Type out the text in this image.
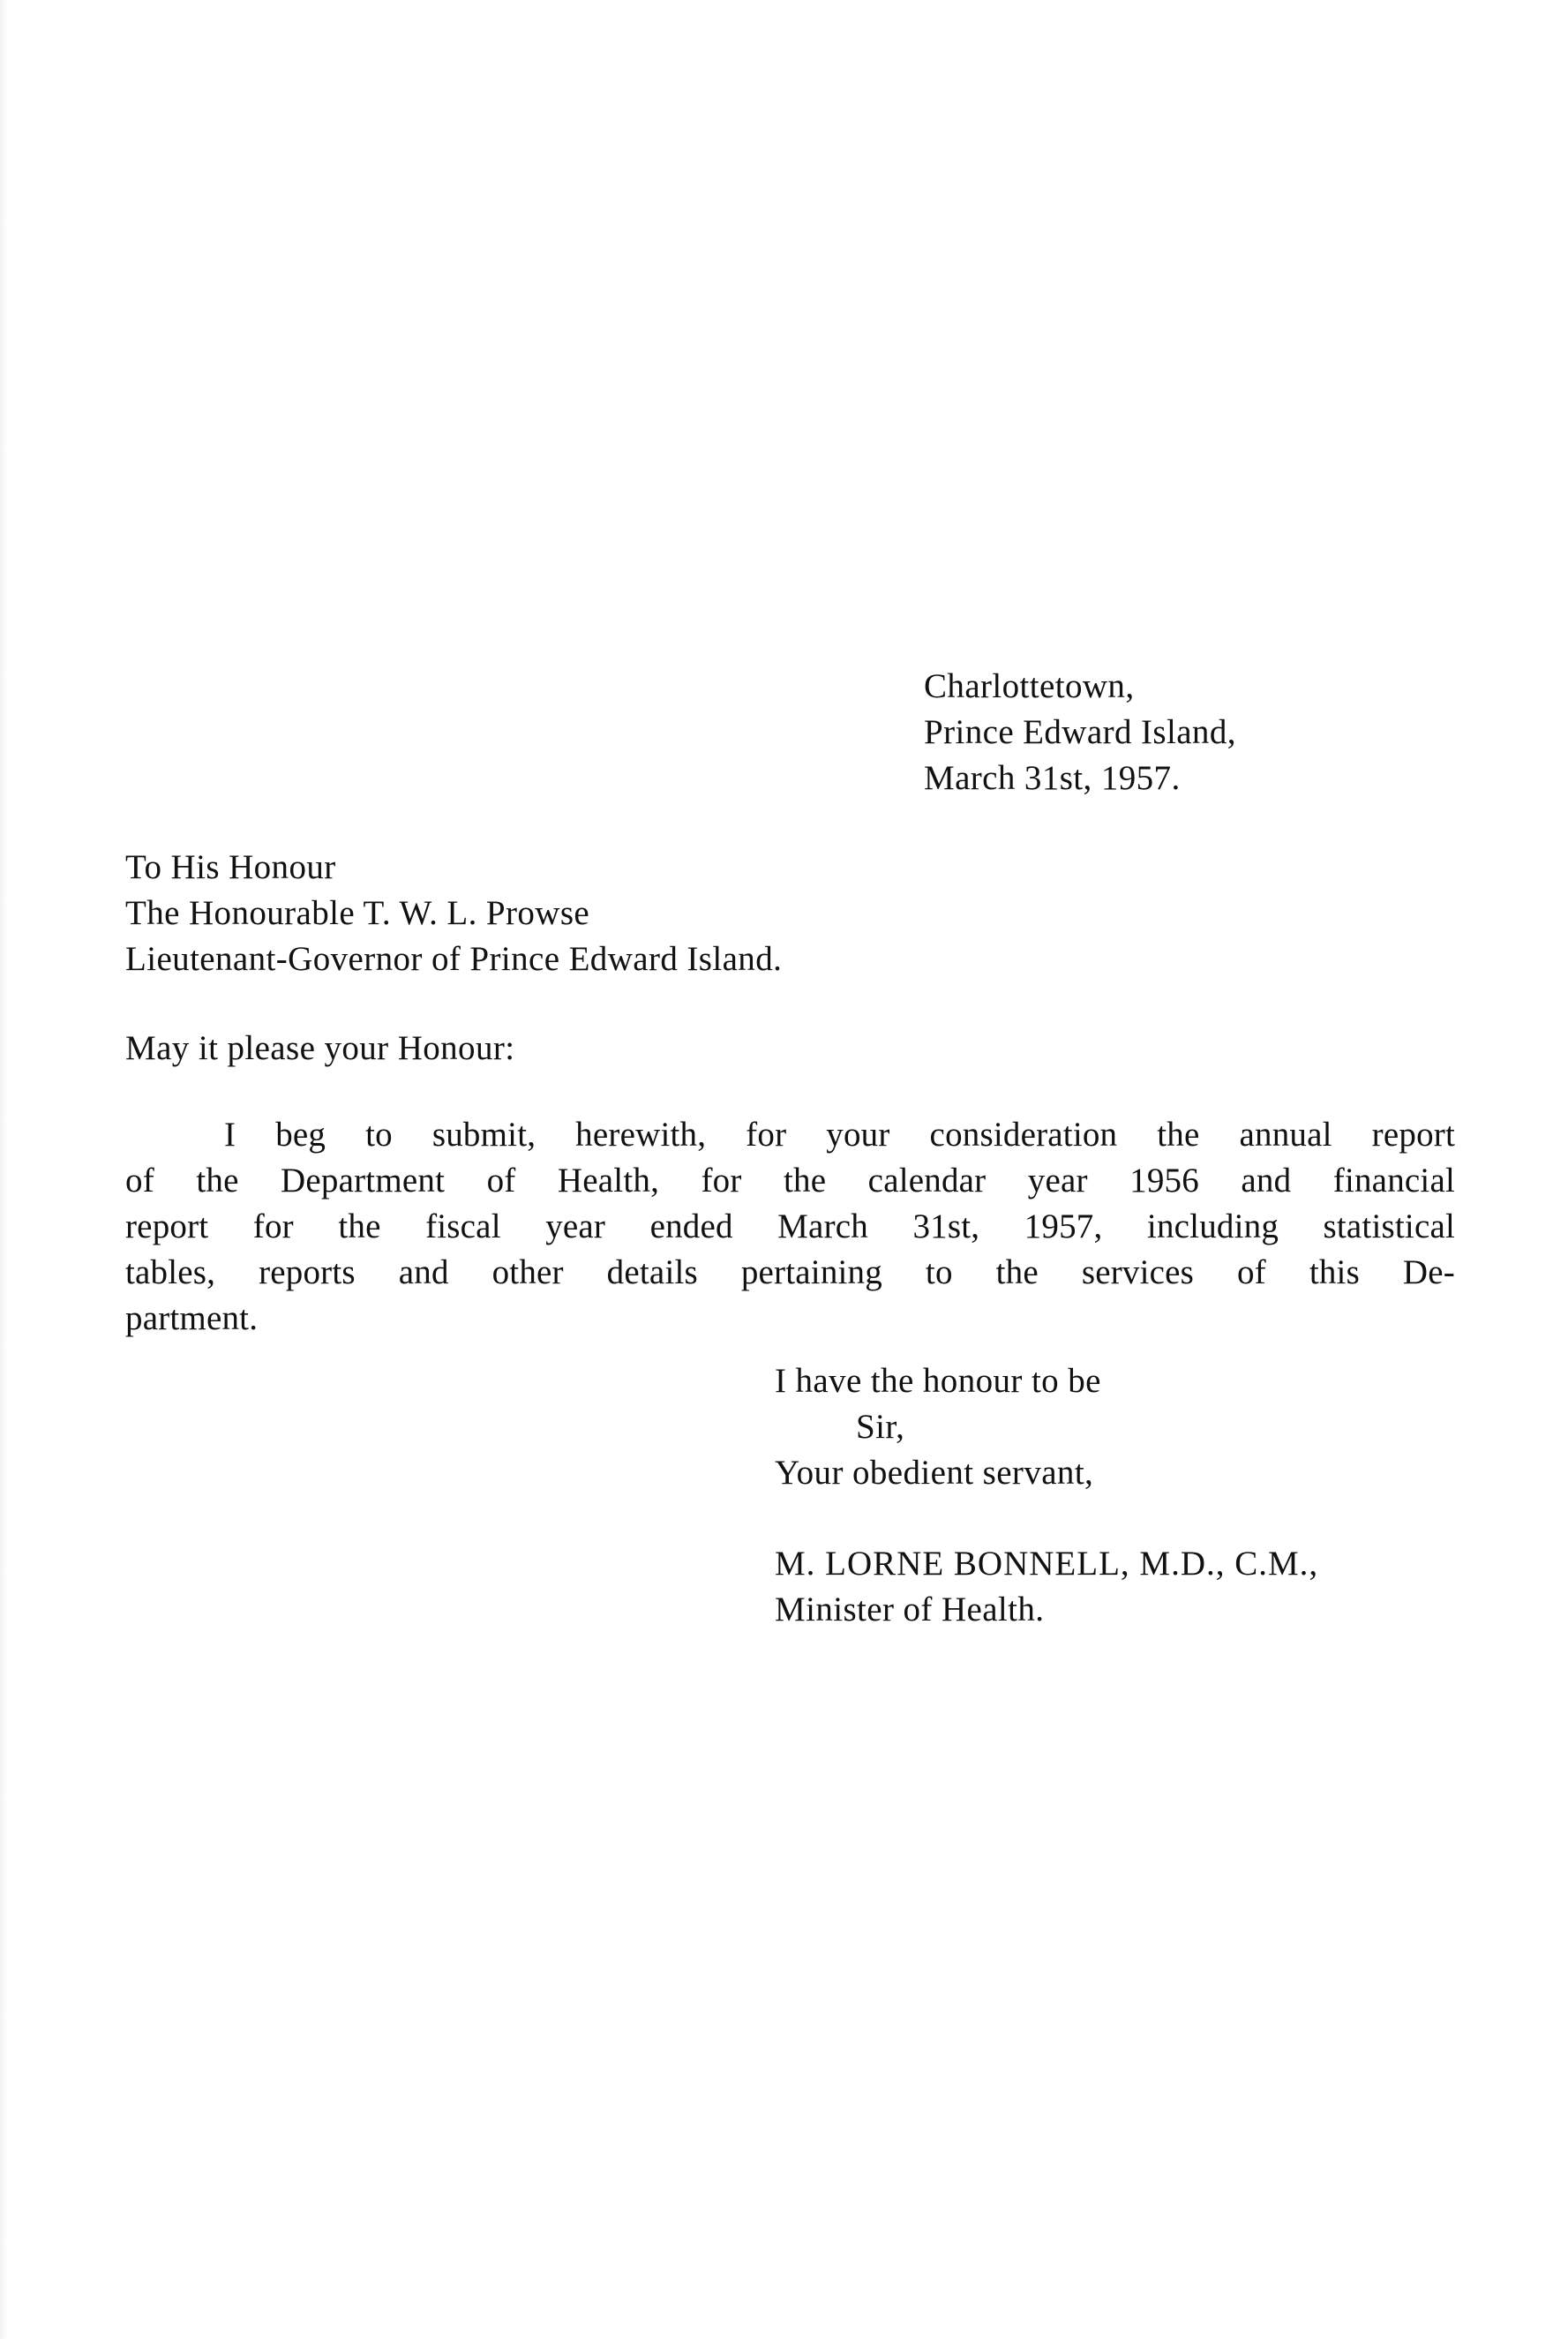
Charlottetown,

Prince Edward Island,

March 31st, 1957.

To His Honour

The Honourable T. W. L. Prowse

Lieutenant-Governor of Prince Edward Island.

May it please your Honour:

I beg to submit, herewith, for your consideration the annual report

of the Department of Health, for the calendar year 1956 and financial

report for the fiscal year ended March 31st, 1957, including statistical

tables, reports and other details pertaining to the services of this De-

partment.

I have the honour to be

Sir,

Your obedient servant,

M. LORNE BONNELL, M.D., C.M.,

Minister of Health.
